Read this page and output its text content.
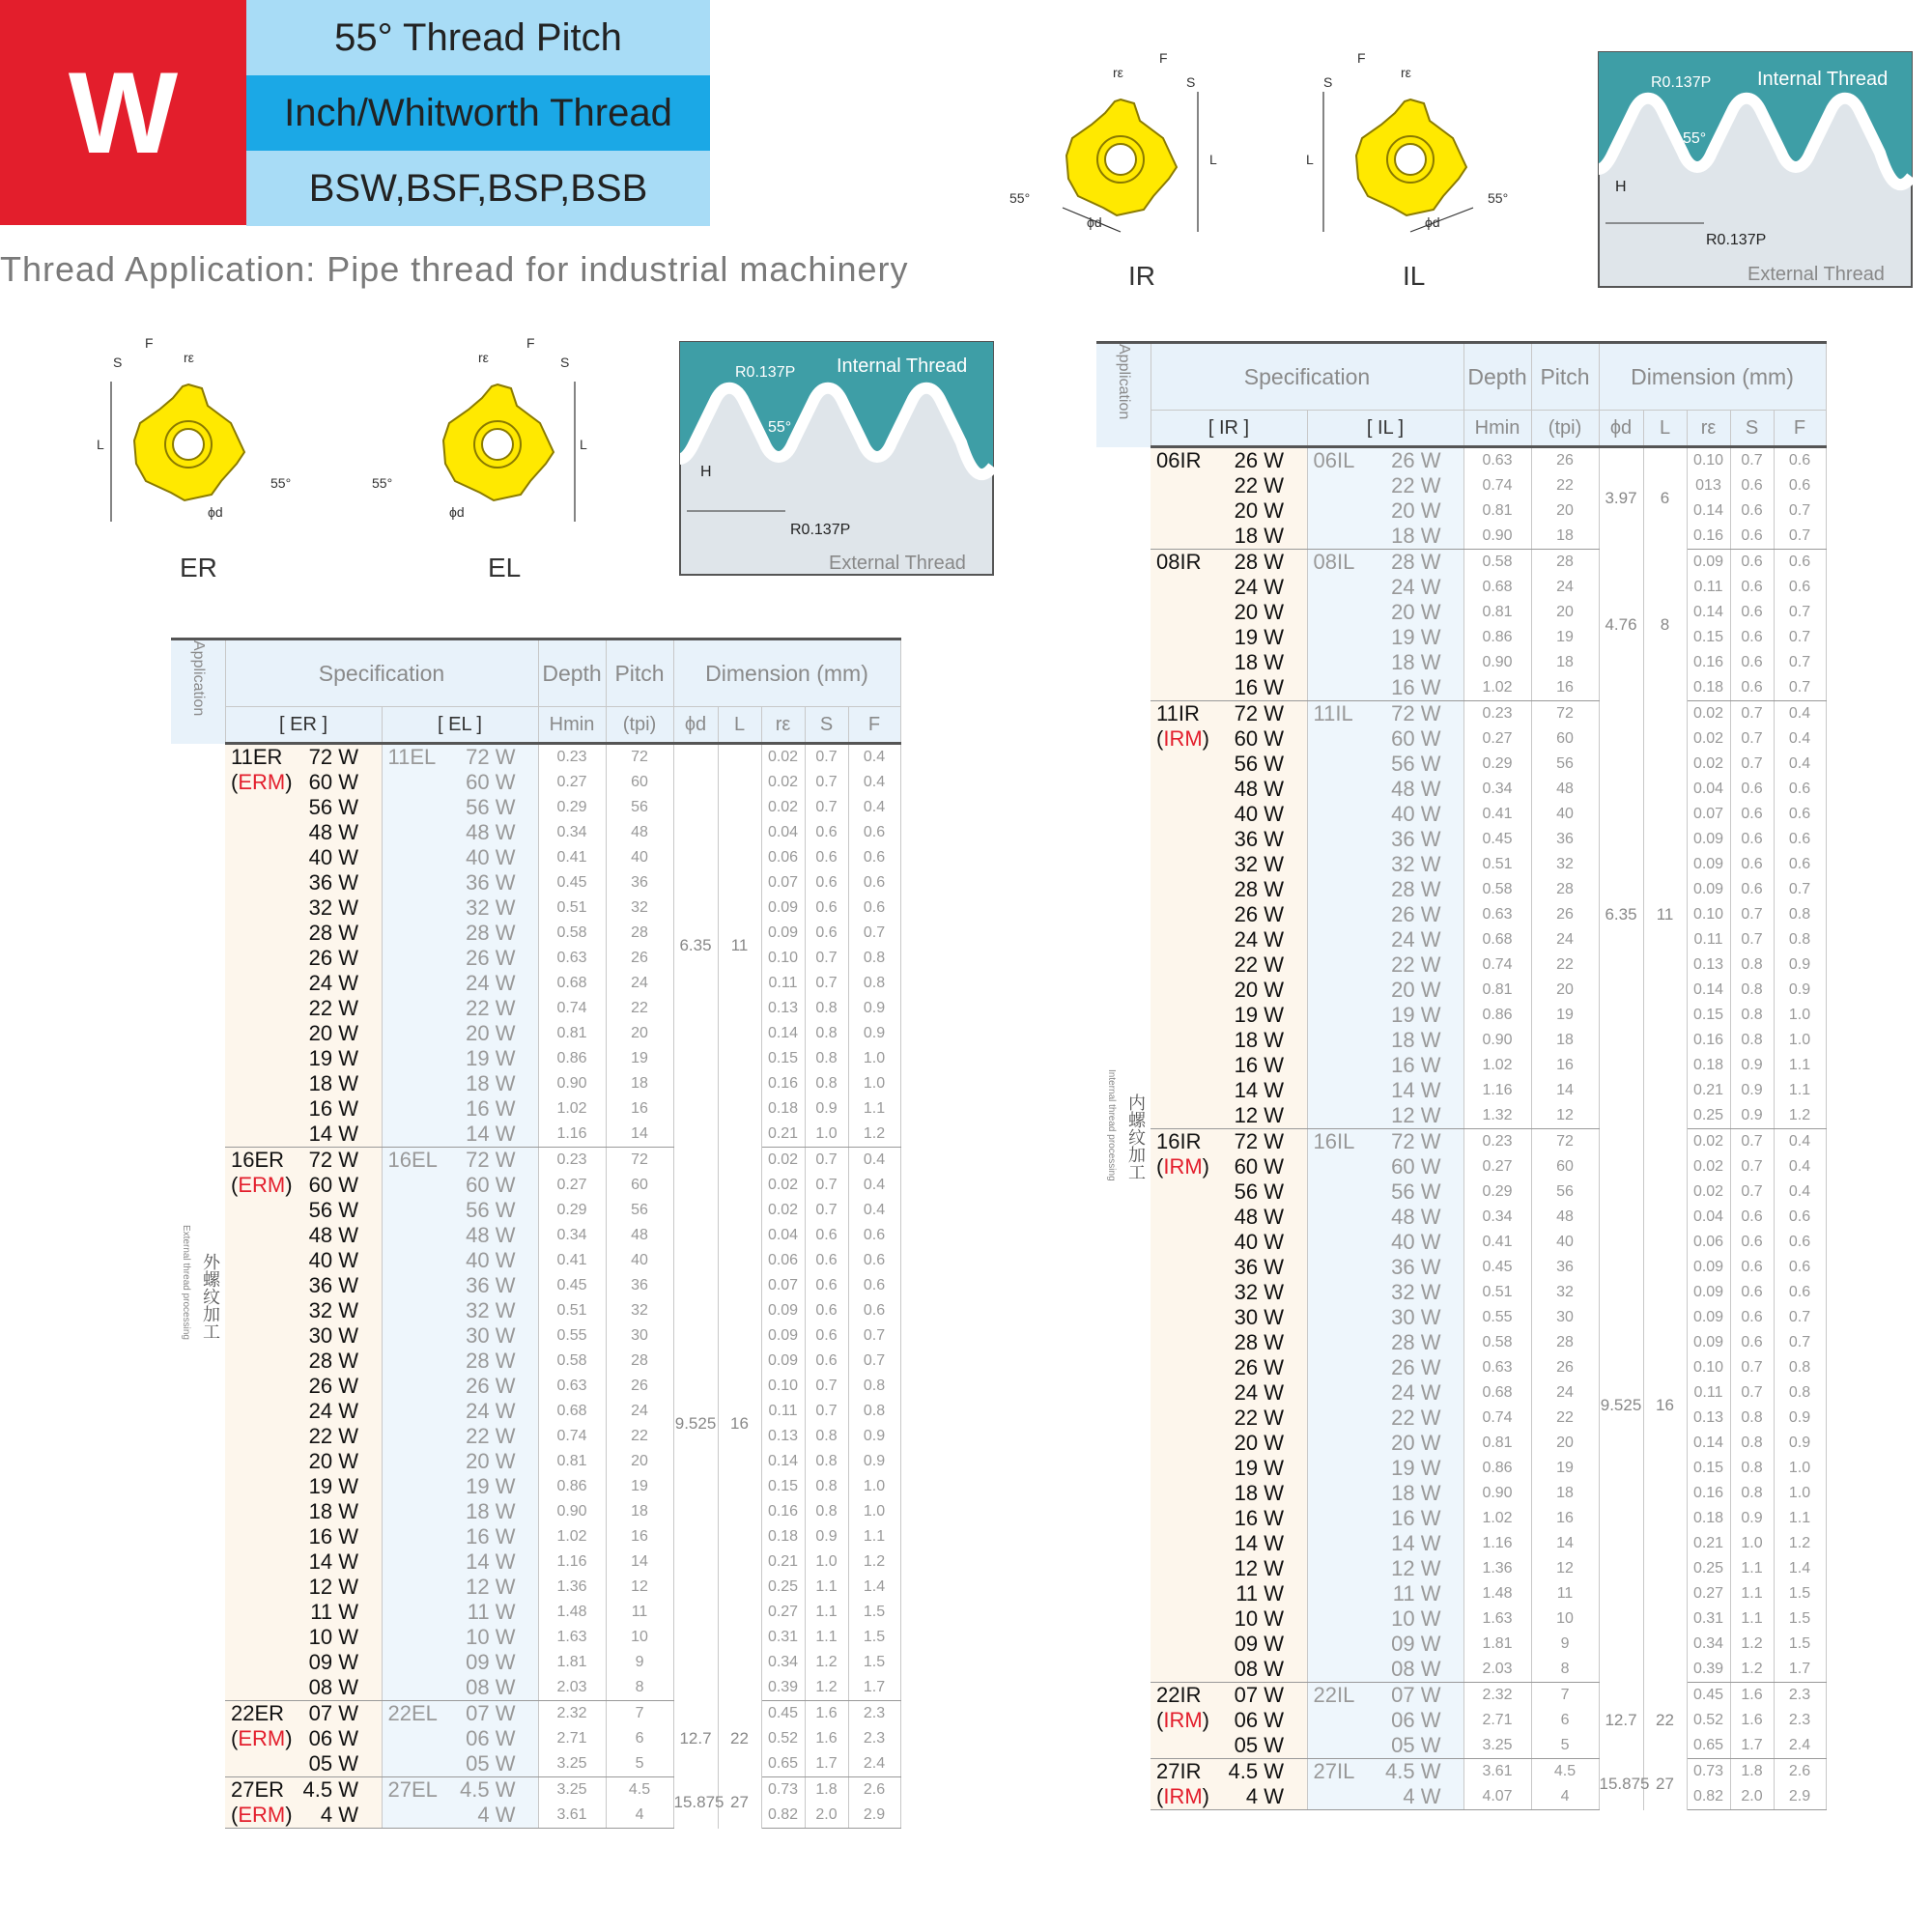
W
55° Thread Pitch
Inch/Whitworth Thread
BSW,BSF,BSP,BSB
Thread Application: Pipe thread for industrial machinery
F
rε
S
L
55°
ϕd
IR
F
S
rε
L
55°
ϕd
IL
Internal Thread
R0.137P
55°
H
R0.137P
External Thread
F
S	rε
L
55°
ϕd
ER
F
rε	S
L
55°
ϕd
EL
Internal Thread
R0.137P
55°
H
R0.137P
External Thread
Application	Specification		Depth	Pitch	Dimension (mm)				
	[ ER ]	[ EL ]	Hmin	(tpi)	ϕd	L	rε	S	F
External thread processing 外螺纹加工	11ER 72 W	11EL 72 W	0.23	72	6.35	11	0.02	0.7	0.4
	(ERM) 60 W	60 W	0.27	60			0.02	0.7	0.4
	56 W	56 W	0.29	56			0.02	0.7	0.4
	48 W	48 W	0.34	48			0.04	0.6	0.6
	40 W	40 W	0.41	40			0.06	0.6	0.6
	36 W	36 W	0.45	36			0.07	0.6	0.6
	32 W	32 W	0.51	32			0.09	0.6	0.6
	28 W	28 W	0.58	28			0.09	0.6	0.7
	26 W	26 W	0.63	26			0.10	0.7	0.8
	24 W	24 W	0.68	24			0.11	0.7	0.8
	22 W	22 W	0.74	22			0.13	0.8	0.9
	20 W	20 W	0.81	20			0.14	0.8	0.9
	19 W	19 W	0.86	19			0.15	0.8	1.0
	18 W	18 W	0.90	18			0.16	0.8	1.0
	16 W	16 W	1.02	16			0.18	0.9	1.1
	14 W	14 W	1.16	14			0.21	1.0	1.2
	16ER 72 W	16EL 72 W	0.23	72	9.525	16	0.02	0.7	0.4
	(ERM) 60 W	60 W	0.27	60			0.02	0.7	0.4
	56 W	56 W	0.29	56			0.02	0.7	0.4
	48 W	48 W	0.34	48			0.04	0.6	0.6
	40 W	40 W	0.41	40			0.06	0.6	0.6
	36 W	36 W	0.45	36			0.07	0.6	0.6
	32 W	32 W	0.51	32			0.09	0.6	0.6
	30 W	30 W	0.55	30			0.09	0.6	0.7
	28 W	28 W	0.58	28			0.09	0.6	0.7
	26 W	26 W	0.63	26			0.10	0.7	0.8
	24 W	24 W	0.68	24			0.11	0.7	0.8
	22 W	22 W	0.74	22			0.13	0.8	0.9
	20 W	20 W	0.81	20			0.14	0.8	0.9
	19 W	19 W	0.86	19			0.15	0.8	1.0
	18 W	18 W	0.90	18			0.16	0.8	1.0
	16 W	16 W	1.02	16			0.18	0.9	1.1
	14 W	14 W	1.16	14			0.21	1.0	1.2
	12 W	12 W	1.36	12			0.25	1.1	1.4
	11 W	11 W	1.48	11			0.27	1.1	1.5
	10 W	10 W	1.63	10			0.31	1.1	1.5
	09 W	09 W	1.81	9			0.34	1.2	1.5
	08 W	08 W	2.03	8			0.39	1.2	1.7
	22ER 07 W	22EL 07 W	2.32	7	12.7	22	0.45	1.6	2.3
	(ERM) 06 W	06 W	2.71	6			0.52	1.6	2.3
	05 W	05 W	3.25	5			0.65	1.7	2.4
	27ER 4.5 W	27EL 4.5 W	3.25	4.5	15.875	27	0.73	1.8	2.6
	(ERM) 4 W	4 W	3.61	4			0.82	2.0	2.9
Application	Specification		Depth	Pitch	Dimension (mm)				
	[ IR ]	[ IL ]	Hmin	(tpi)	ϕd	L	rε	S	F
Internal thread processing 内螺纹加工	06IR 26 W	06IL 26 W	0.63	26	3.97	6	0.10	0.7	0.6
	22 W	22 W	0.74	22			013	0.6	0.6
	20 W	20 W	0.81	20			0.14	0.6	0.7
	18 W	18 W	0.90	18			0.16	0.6	0.7
	08IR 28 W	08IL 28 W	0.58	28	4.76	8	0.09	0.6	0.6
	24 W	24 W	0.68	24			0.11	0.6	0.6
	20 W	20 W	0.81	20			0.14	0.6	0.7
	19 W	19 W	0.86	19			0.15	0.6	0.7
	18 W	18 W	0.90	18			0.16	0.6	0.7
	16 W	16 W	1.02	16			0.18	0.6	0.7
	11IR 72 W	11IL 72 W	0.23	72	6.35	11	0.02	0.7	0.4
	(IRM) 60 W	60 W	0.27	60			0.02	0.7	0.4
	56 W	56 W	0.29	56			0.02	0.7	0.4
	48 W	48 W	0.34	48			0.04	0.6	0.6
	40 W	40 W	0.41	40			0.07	0.6	0.6
	36 W	36 W	0.45	36			0.09	0.6	0.6
	32 W	32 W	0.51	32			0.09	0.6	0.6
	28 W	28 W	0.58	28			0.09	0.6	0.7
	26 W	26 W	0.63	26			0.10	0.7	0.8
	24 W	24 W	0.68	24			0.11	0.7	0.8
	22 W	22 W	0.74	22			0.13	0.8	0.9
	20 W	20 W	0.81	20			0.14	0.8	0.9
	19 W	19 W	0.86	19			0.15	0.8	1.0
	18 W	18 W	0.90	18			0.16	0.8	1.0
	16 W	16 W	1.02	16			0.18	0.9	1.1
	14 W	14 W	1.16	14			0.21	0.9	1.1
	12 W	12 W	1.32	12			0.25	0.9	1.2
	16IR 72 W	16IL 72 W	0.23	72	9.525	16	0.02	0.7	0.4
	(IRM) 60 W	60 W	0.27	60			0.02	0.7	0.4
	56 W	56 W	0.29	56			0.02	0.7	0.4
	48 W	48 W	0.34	48			0.04	0.6	0.6
	40 W	40 W	0.41	40			0.06	0.6	0.6
	36 W	36 W	0.45	36			0.09	0.6	0.6
	32 W	32 W	0.51	32			0.09	0.6	0.6
	30 W	30 W	0.55	30			0.09	0.6	0.7
	28 W	28 W	0.58	28			0.09	0.6	0.7
	26 W	26 W	0.63	26			0.10	0.7	0.8
	24 W	24 W	0.68	24			0.11	0.7	0.8
	22 W	22 W	0.74	22			0.13	0.8	0.9
	20 W	20 W	0.81	20			0.14	0.8	0.9
	19 W	19 W	0.86	19			0.15	0.8	1.0
	18 W	18 W	0.90	18			0.16	0.8	1.0
	16 W	16 W	1.02	16			0.18	0.9	1.1
	14 W	14 W	1.16	14			0.21	1.0	1.2
	12 W	12 W	1.36	12			0.25	1.1	1.4
	11 W	11 W	1.48	11			0.27	1.1	1.5
	10 W	10 W	1.63	10			0.31	1.1	1.5
	09 W	09 W	1.81	9			0.34	1.2	1.5
	08 W	08 W	2.03	8			0.39	1.2	1.7
	22IR 07 W	22IL 07 W	2.32	7	12.7	22	0.45	1.6	2.3
	(IRM) 06 W	06 W	2.71	6			0.52	1.6	2.3
	05 W	05 W	3.25	5			0.65	1.7	2.4
	27IR 4.5 W	27IL 4.5 W	3.61	4.5	15.875	27	0.73	1.8	2.6
	(IRM) 4 W	4 W	4.07	4			0.82	2.0	2.9
